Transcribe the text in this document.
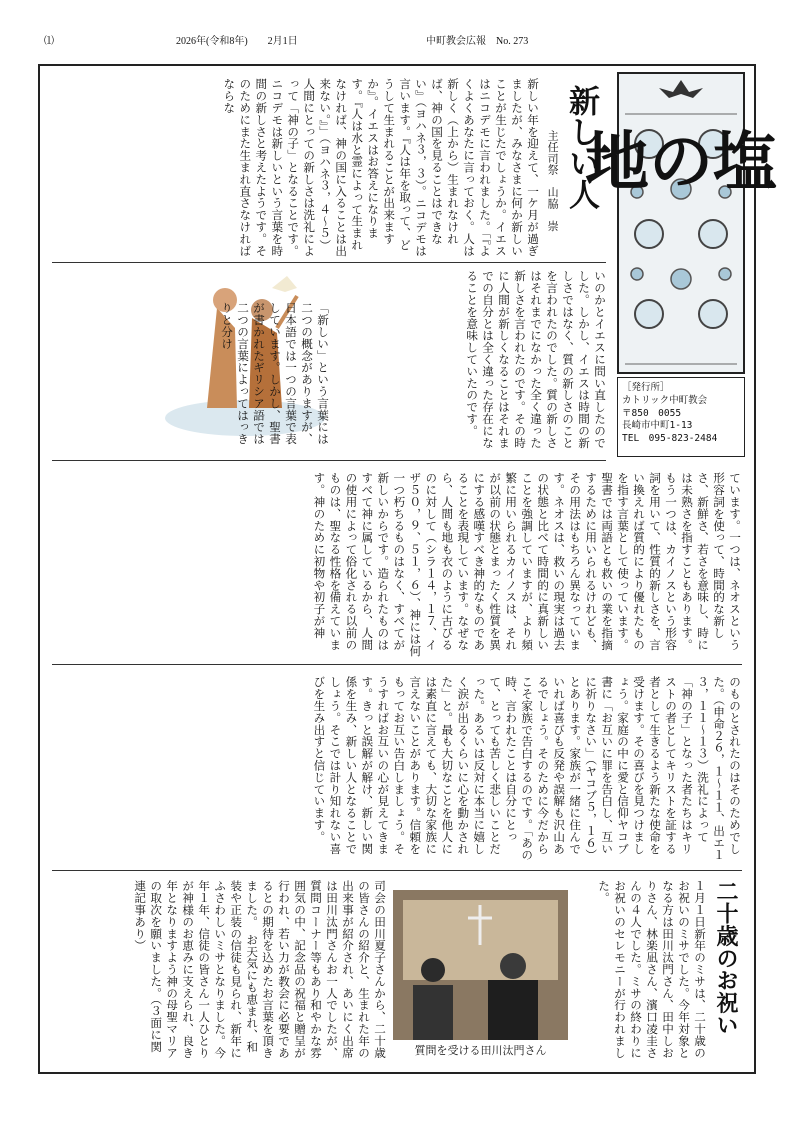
⑴	2026年(令和8年)　　2月1日	中町教会広報　No. 273
地の塩
［発行所］
カトリック中町教会
〒850　0055
長崎市中町1-13
TEL　095-823-2484
新しい人
主任司祭　山脇　崇
新しい年を迎えて、一ケ月が過ぎましたが、みなさまに何か新しいことが生じたでしょうか。イエスはニコデモに言われました。「『よくよくあなたに言っておく。人は新しく（上から）生まれなければ、神の国を見ることはできない』（ヨハネ３，３）。ニコデモは言います。『人は年を取って、どうして生まれることが出来ますか』。イエスはお答えになります。『人は水と霊によって生まれなければ、神の国に入ることは出来ない。』」（ヨハネ３，４～５）人間にとっての新しさは洗礼によって「神の子」となることです。ニコデモは新しいという言葉を時間の新しさと考えたようです。そのためにまた生まれ直さなければならな
いのかとイエスに問い直したのでした。しかし、イエスは時間の新しさではなく、質の新しさのことを言われたのでした。質の新しさはそれまでになかった全く違った新しさを言われたのです。その時に人間が新しくなることはそれまでの自分とは全く違った存在になることを意味していたのです。
「新しい」という言葉には二つの概念がありますが、日本語では一つの言葉で表しています。しかし、聖書が書かれたギリシア語では二つの言葉によってはっきりと分け
ています。一つは、ネオスという形容詞を使って、時間的な新しさ、新鮮さ、若さを意味し、時には未熟さを指すこともあります。もう一つは、カイノスという形容詞を用いて、性質的新しさを、言い換えれば質的により優れたものを指す言葉として使っています。聖書では両語とも救いの業を指摘するために用いられるけれども、その用法はもちろん異なっています。ネオスは、救いの現実は過去の状態と比べて時間的に真新しいことを強調していますが、より頻繁に用いられるカイノスは、それが以前の状態とまったく性質を異にする感嘆すべき神的なものであることを表現しています。なぜなら、人間も地も衣のように古びるのに対して（シラ１４，１７、イザ５０，９、５１，６）、神には何一つ朽ちるものはなく、すべてが新しいからです。造られたものはすべて神に属しているから、人間の使用によって俗化される以前のものは、聖なる性格を備えています。神のために初物や初子が神
のものとされたのはそのためでした。（申命２６，１～１１、出エ１３，１１～１３）洗礼によって「神の子」となった者たちはキリストの者としてキリストを証する者として生きるよう新たな使命を受けます。その喜びを見つけましょう。家庭の中に愛と信仰ヤコブ書に「お互いに罪を告白し、互いに祈りなさい」（ヤコブ５，１６）とあります。家族が一緒に住んでいれば喜びも反発や誤解も沢山あるでしょう。そのために今だからこそ家族で告白するのです。「あの時、言われたことは自分にとって、とっても苦しく悲しいことだった。あるいは反対に本当に嬉しく涙が出るくらいに心を動かされた」と。最も大切なことを他人には素直に言えても、大切な家族に言えないことがあります。信頼をもってお互い告白しましょう。そうすればお互いの心が見えてきます。きっと誤解が解け、新しい関係を生み、新しい人となることでしょう。そこでは計り知れない喜びを生み出すと信じています。
二十歳のお祝い
１月１日新年のミサは、二十歳のお祝いのミサでした。今年対象となる方は田川汰門さん、田中しおりさん、林楽凪さん、濱口凌圭さんの４人でした。ミサの終わりにお祝いのセレモニーが行われました。
質問を受ける田川汰門さん
司会の田川夏子さんから、二十歳の皆さんの紹介と、生まれた年の出来事が紹介され、あいにく出席は田川汰門さんお一人でしたが、質問コーナー等もあり和やかな雰囲気の中、記念品の祝福と贈呈が行われ、若い力が教会に必要であるとの期待を込めたお言葉を頂きました。　お天気にも恵まれ、和装や正装の信徒も見られ、新年にふさわしいミサとなりました。今年１年、信徒の皆さん一人ひとりが神様のお恵みに支えられ、良き年となりますよう神の母聖マリアの取次を願いました。（３面に関連記事あり）
